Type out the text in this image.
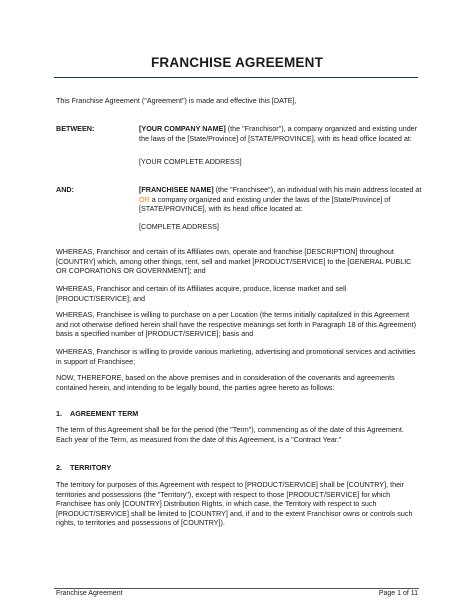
FRANCHISE AGREEMENT

This Franchise Agreement ("Agreement") is made and effective this [DATE],

BETWEEN:	[YOUR COMPANY NAME] (the "Franchisor"), a company organized and existing under the laws of the [State/Province] of [STATE/PROVINCE], with its head office located at:

[YOUR COMPLETE ADDRESS]

AND:	[FRANCHISEE NAME] (the "Franchisee"), an individual with his main address located at OR a company organized and existing under the laws of the [State/Province] of [STATE/PROVINCE], with its head office located at:

[COMPLETE ADDRESS]

WHEREAS, Franchisor and certain of its Affiliates own, operate and franchise [DESCRIPTION] throughout [COUNTRY] which, among other things, rent, sell and market [PRODUCT/SERVICE] to the [GENERAL PUBLIC OR COPORATIONS OR GOVERNMENT]; and

WHEREAS, Franchisor and certain of its Affiliates acquire, produce, license market and sell [PRODUCT/SERVICE]; and

WHEREAS, Franchisee is willing to purchase on a per Location (the terms initially capitalized in this Agreement and not otherwise defined herein shall have the respective meanings set forth in Paragraph 18 of this Agreement) basis a specified number of [PRODUCT/SERVICE]; basis and

WHEREAS, Franchisor is willing to provide various marketing, advertising and promotional services and activities in support of Franchisee;

NOW, THEREFORE, based on the above premises and in consideration of the covenants and agreements contained herein, and intending to be legally bound, the parties agree hereto as follows:

1. AGREEMENT TERM

The term of this Agreement shall be for the period (the "Term"), commencing as of the date of this Agreement. Each year of the Term, as measured from the date of this Agreement, is a "Contract Year."

2. TERRITORY

The territory for purposes of this Agreement with respect to [PRODUCT/SERVICE] shall be [COUNTRY], their territories and possessions (the "Territory"), except with respect to those [PRODUCT/SERVICE] for which Franchisee has only [COUNTRY] Distribution Rights, in which case, the Territory with respect to such [PRODUCT/SERVICE] shall be limited to [COUNTRY] and, if and to the extent Franchisor owns or controls such rights, to territories and possessions of [COUNTRY]).

Franchise Agreement	Page 1 of 11
